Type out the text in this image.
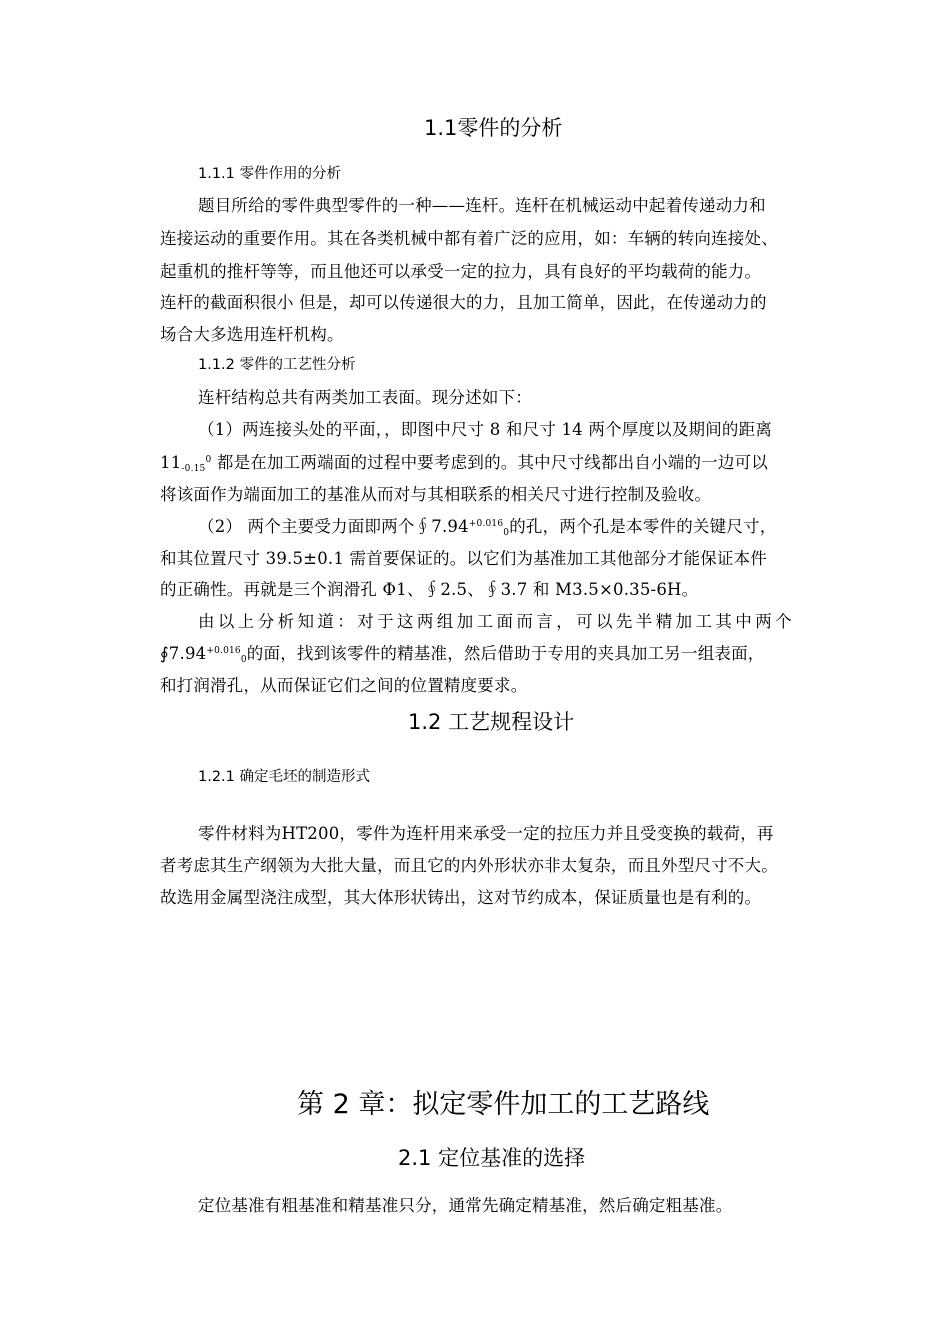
1.1零件的分析
1.1.1 零件作用的分析
题目所给的零件典型零件的一种——连杆。连杆在机械运动中起着传递动力和
连接运动的重要作用。其在各类机械中都有着广泛的应用，如：车辆的转向连接处、
起重机的推杆等等，而且他还可以承受一定的拉力，具有良好的平均载荷的能力。
连杆的截面积很小 但是，却可以传递很大的力，且加工简单，因此，在传递动力的
场合大多选用连杆机构。
1.1.2 零件的工艺性分析
连杆结构总共有两类加工表面。现分述如下：
（1）两连接头处的平面，，即图中尺寸 8 和尺寸 14 两个厚度以及期间的距离
$11_{-0.15}^0$ 都是在加工两端面的过程中要考虑到的。其中尺寸线都出自小端的一边可以
将该面作为端面加工的基准从而对与其相联系的相关尺寸进行控制及验收。
（2） 两个主要受力面即两个$∮7.94^{+0.016}_0$的孔，两个孔是本零件的关键尺寸，
和其位置尺寸 39.5±0.1 需首要保证的。以它们为基准加工其他部分才能保证本件
的正确性。再就是三个润滑孔 Φ1、∮2.5、∮3.7 和 M3.5×0.35-6H。
由以上分析知道：对于这两组加工面而言，可以先半精加工其中两个
$∮7.94^{+0.016}_0$的面，找到该零件的精基准，然后借助于专用的夹具加工另一组表面，
和打润滑孔，从而保证它们之间的位置精度要求。
1.2 工艺规程设计
1.2.1 确定毛坯的制造形式
零件材料为HT200，零件为连杆用来承受一定的拉压力并且受变换的载荷，再
者考虑其生产纲领为大批大量，而且它的内外形状亦非太复杂，而且外型尺寸不大。
故选用金属型浇注成型，其大体形状铸出，这对节约成本，保证质量也是有利的。
第 2 章：拟定零件加工的工艺路线
2.1 定位基准的选择
定位基准有粗基准和精基准只分，通常先确定精基准，然后确定粗基准。
